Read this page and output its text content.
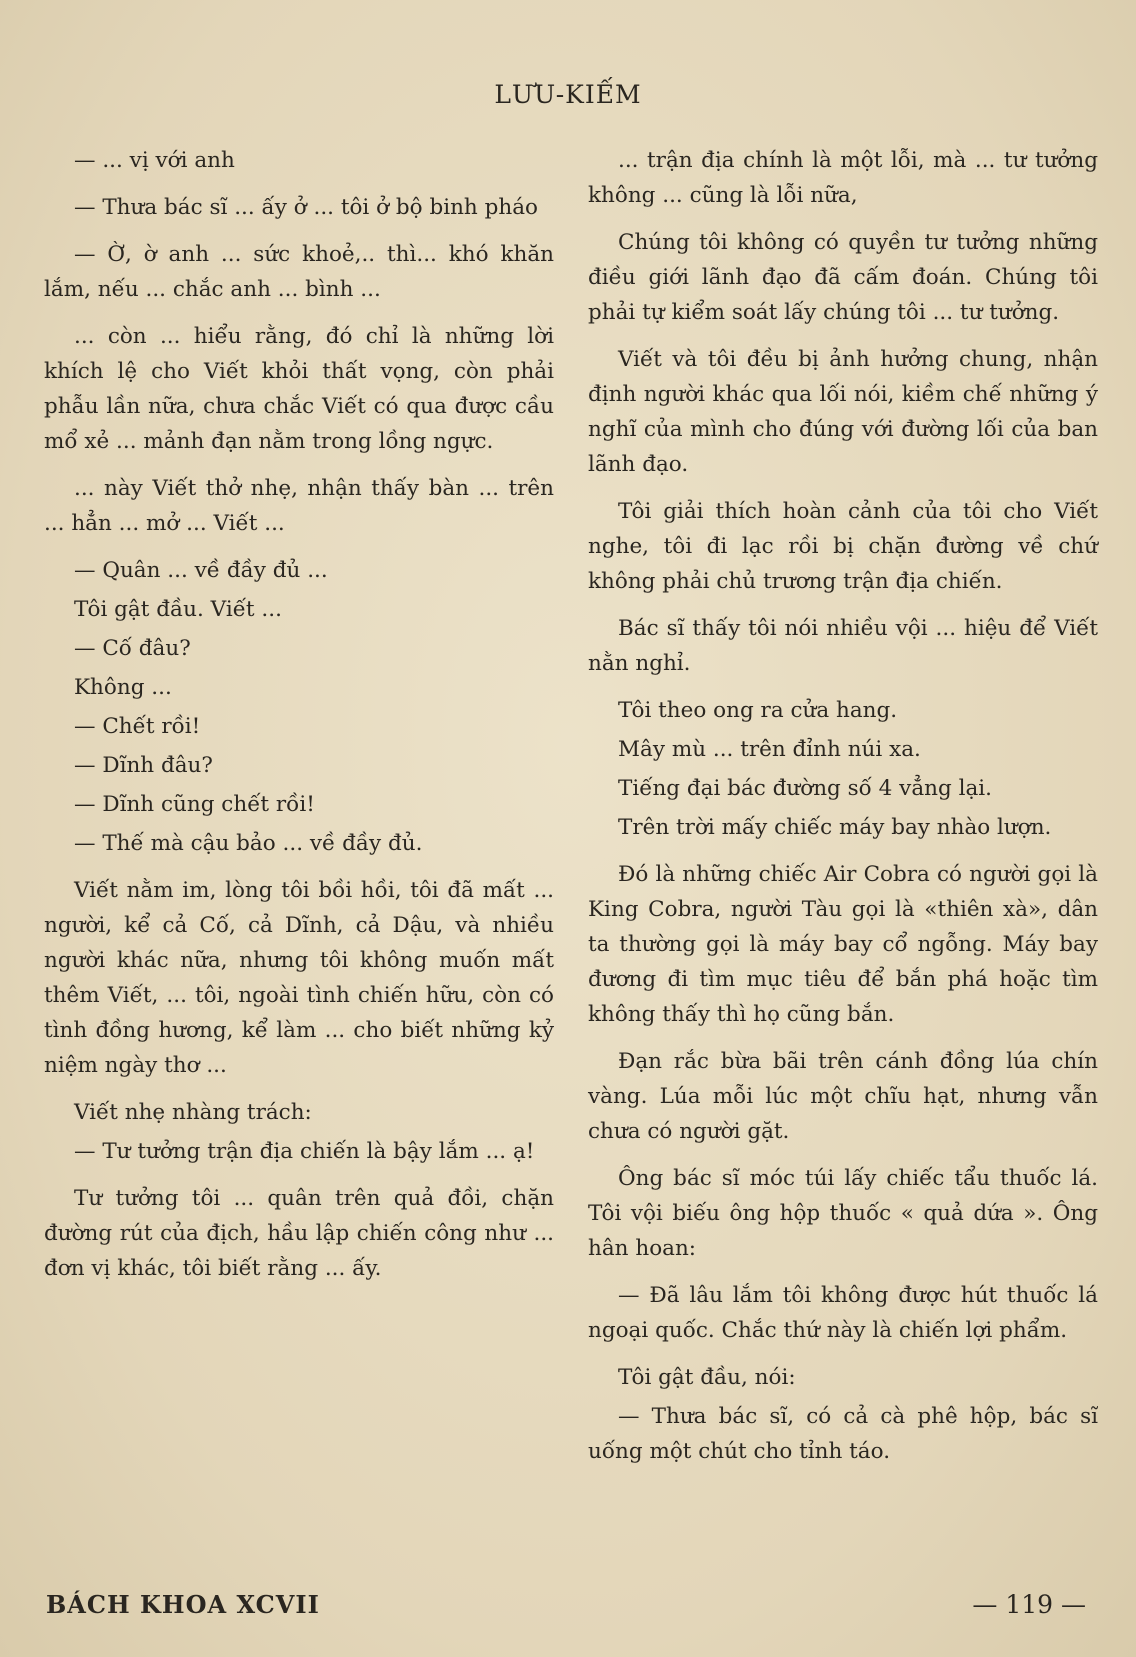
LƯU-KIẾM

— ... vị với anh

— Thưa bác sĩ ... ấy ở ... tôi ở bộ binh pháo

— Ờ, ờ anh ... sức khoẻ,.. thì... khó khăn lắm, nếu ... chắc anh ... bình ...

... còn ... hiểu rằng, đó chỉ là những lời khích lệ cho Viết khỏi thất vọng, còn phải phẫu lần nữa, chưa chắc Viết có qua được cầu mổ xẻ ... mảnh đạn nằm trong lồng ngực.

... này Viết thở nhẹ, nhận thấy bàn ... trên ... hẳn ... mở ... Viết ...

— Quân ... về đầy đủ ...

Tôi gật đầu. Viết ...

— Cố đâu?

Không ...

— Chết rồi!

— Dĩnh đâu?

— Dĩnh cũng chết rồi!

— Thế mà cậu bảo ... về đầy đủ.

Viết nằm im, lòng tôi bồi hồi, tôi đã mất ... người, kể cả Cố, cả Dĩnh, cả Dậu, và nhiều người khác nữa, nhưng tôi không muốn mất thêm Viết, ... tôi, ngoài tình chiến hữu, còn có tình đồng hương, kể làm ... cho biết những kỷ niệm ngày thơ ...

Viết nhẹ nhàng trách:

— Tư tưởng trận địa chiến là bậy lắm ... ạ!

Tư tưởng tôi ... quân trên quả đồi, chặn đường rút của địch, hầu lập chiến công như ... đơn vị khác, tôi biết rằng ... ấy.

... trận địa chính là một lỗi, mà ... tư tưởng không ... cũng là lỗi nữa,

Chúng tôi không có quyền tư tưởng những điều giới lãnh đạo đã cấm đoán. Chúng tôi phải tự kiểm soát lấy chúng tôi ... tư tưởng.

Viết và tôi đều bị ảnh hưởng chung, nhận định người khác qua lối nói, kiềm chế những ý nghĩ của mình cho đúng với đường lối của ban lãnh đạo.

Tôi giải thích hoàn cảnh của tôi cho Viết nghe, tôi đi lạc rồi bị chặn đường về chứ không phải chủ trương trận địa chiến.

Bác sĩ thấy tôi nói nhiều vội ... hiệu để Viết nằn nghỉ.

Tôi theo ong ra cửa hang.

Mây mù ... trên đỉnh núi xa.

Tiếng đại bác đường số 4 vẳng lại.

Trên trời mấy chiếc máy bay nhào lượn.

Đó là những chiếc Air Cobra có người gọi là King Cobra, người Tàu gọi là «thiên xà», dân ta thường gọi là máy bay cổ ngỗng. Máy bay đương đi tìm mục tiêu để bắn phá hoặc tìm không thấy thì họ cũng bắn.

Đạn rắc bừa bãi trên cánh đồng lúa chín vàng. Lúa mỗi lúc một chĩu hạt, nhưng vẫn chưa có người gặt.

Ông bác sĩ móc túi lấy chiếc tẩu thuốc lá. Tôi vội biếu ông hộp thuốc « quả dứa ». Ông hân hoan:

— Đã lâu lắm tôi không được hút thuốc lá ngoại quốc. Chắc thứ này là chiến lợi phẩm.

Tôi gật đầu, nói:

— Thưa bác sĩ, có cả cà phê hộp, bác sĩ uống một chút cho tỉnh táo.

BÁCH KHOA XCVII	— 119 —
